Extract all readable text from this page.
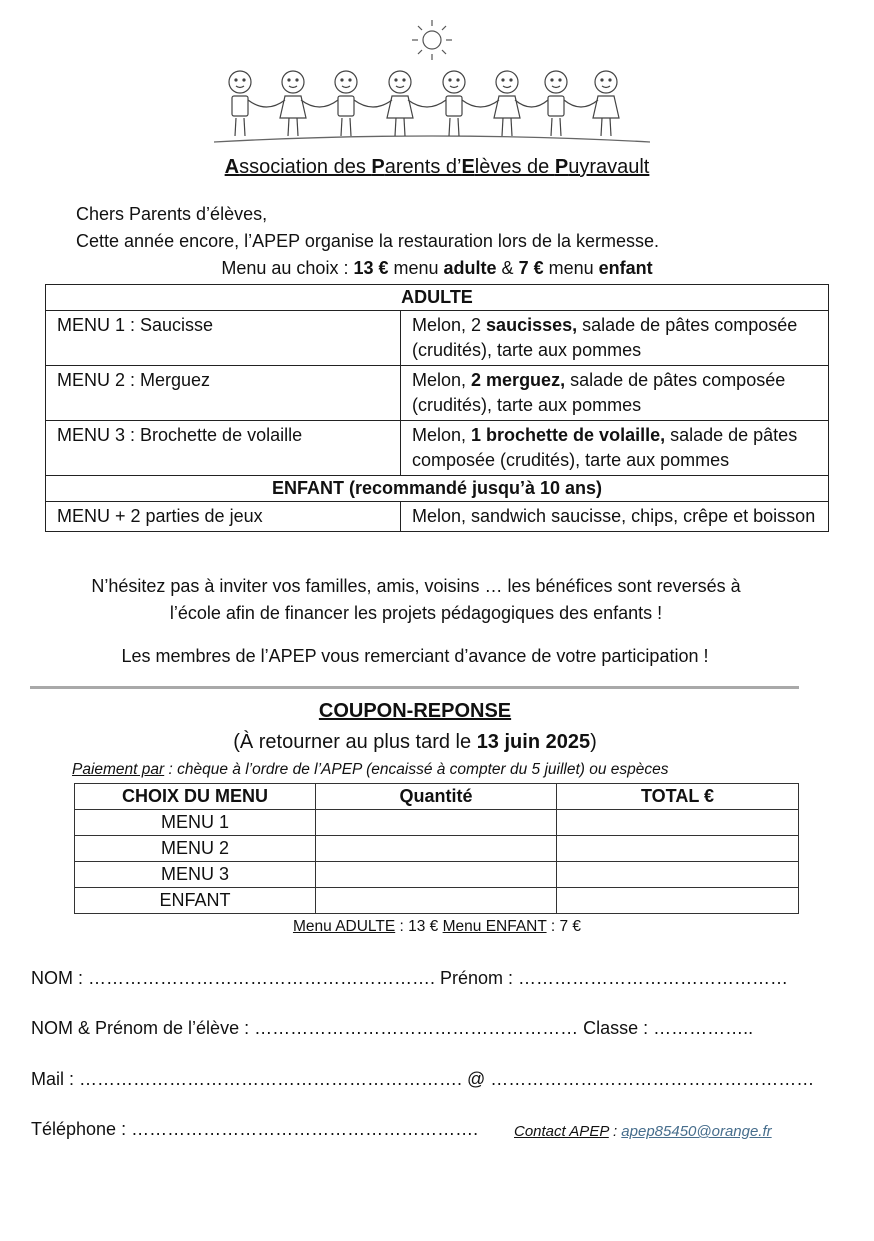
Association des Parents d’Elèves de Puyravault
Chers Parents d’élèves,
Cette année encore, l’APEP organise la restauration lors de la kermesse.
Menu au choix : 13 € menu adulte & 7 € menu enfant
ADULTE	
MENU 1 : Saucisse	Melon, 2 saucisses, salade de pâtes composée (crudités), tarte aux pommes
MENU 2 : Merguez	Melon, 2 merguez, salade de pâtes composée (crudités), tarte aux pommes
MENU 3 : Brochette de volaille	Melon, 1 brochette de volaille, salade de pâtes composée (crudités), tarte aux pommes
ENFANT (recommandé jusqu’à 10 ans)	
MENU + 2 parties de jeux	Melon, sandwich saucisse, chips, crêpe et boisson
N’hésitez pas à inviter vos familles, amis, voisins … les bénéfices sont reversés à
l’école afin de financer les projets pédagogiques des enfants !
Les membres de l’APEP vous remerciant d’avance de votre participation !
COUPON-REPONSE
(À retourner au plus tard le 13 juin 2025)
Paiement par : chèque à l’ordre de l’APEP (encaissé à compter du 5 juillet) ou espèces
CHOIX DU MENU	Quantité	TOTAL €
MENU 1		
MENU 2		
MENU 3		
ENFANT		
Menu ADULTE : 13 € Menu ENFANT : 7 €
NOM : …………………………………………………. Prénom : ………………………………………
NOM & Prénom de l’élève : ……………………………………………… Classe : ……………..
Mail : ………………………………………………………. @ ………………………………………………
Téléphone : …………………………………………………. Contact APEP : apep85450@orange.fr
